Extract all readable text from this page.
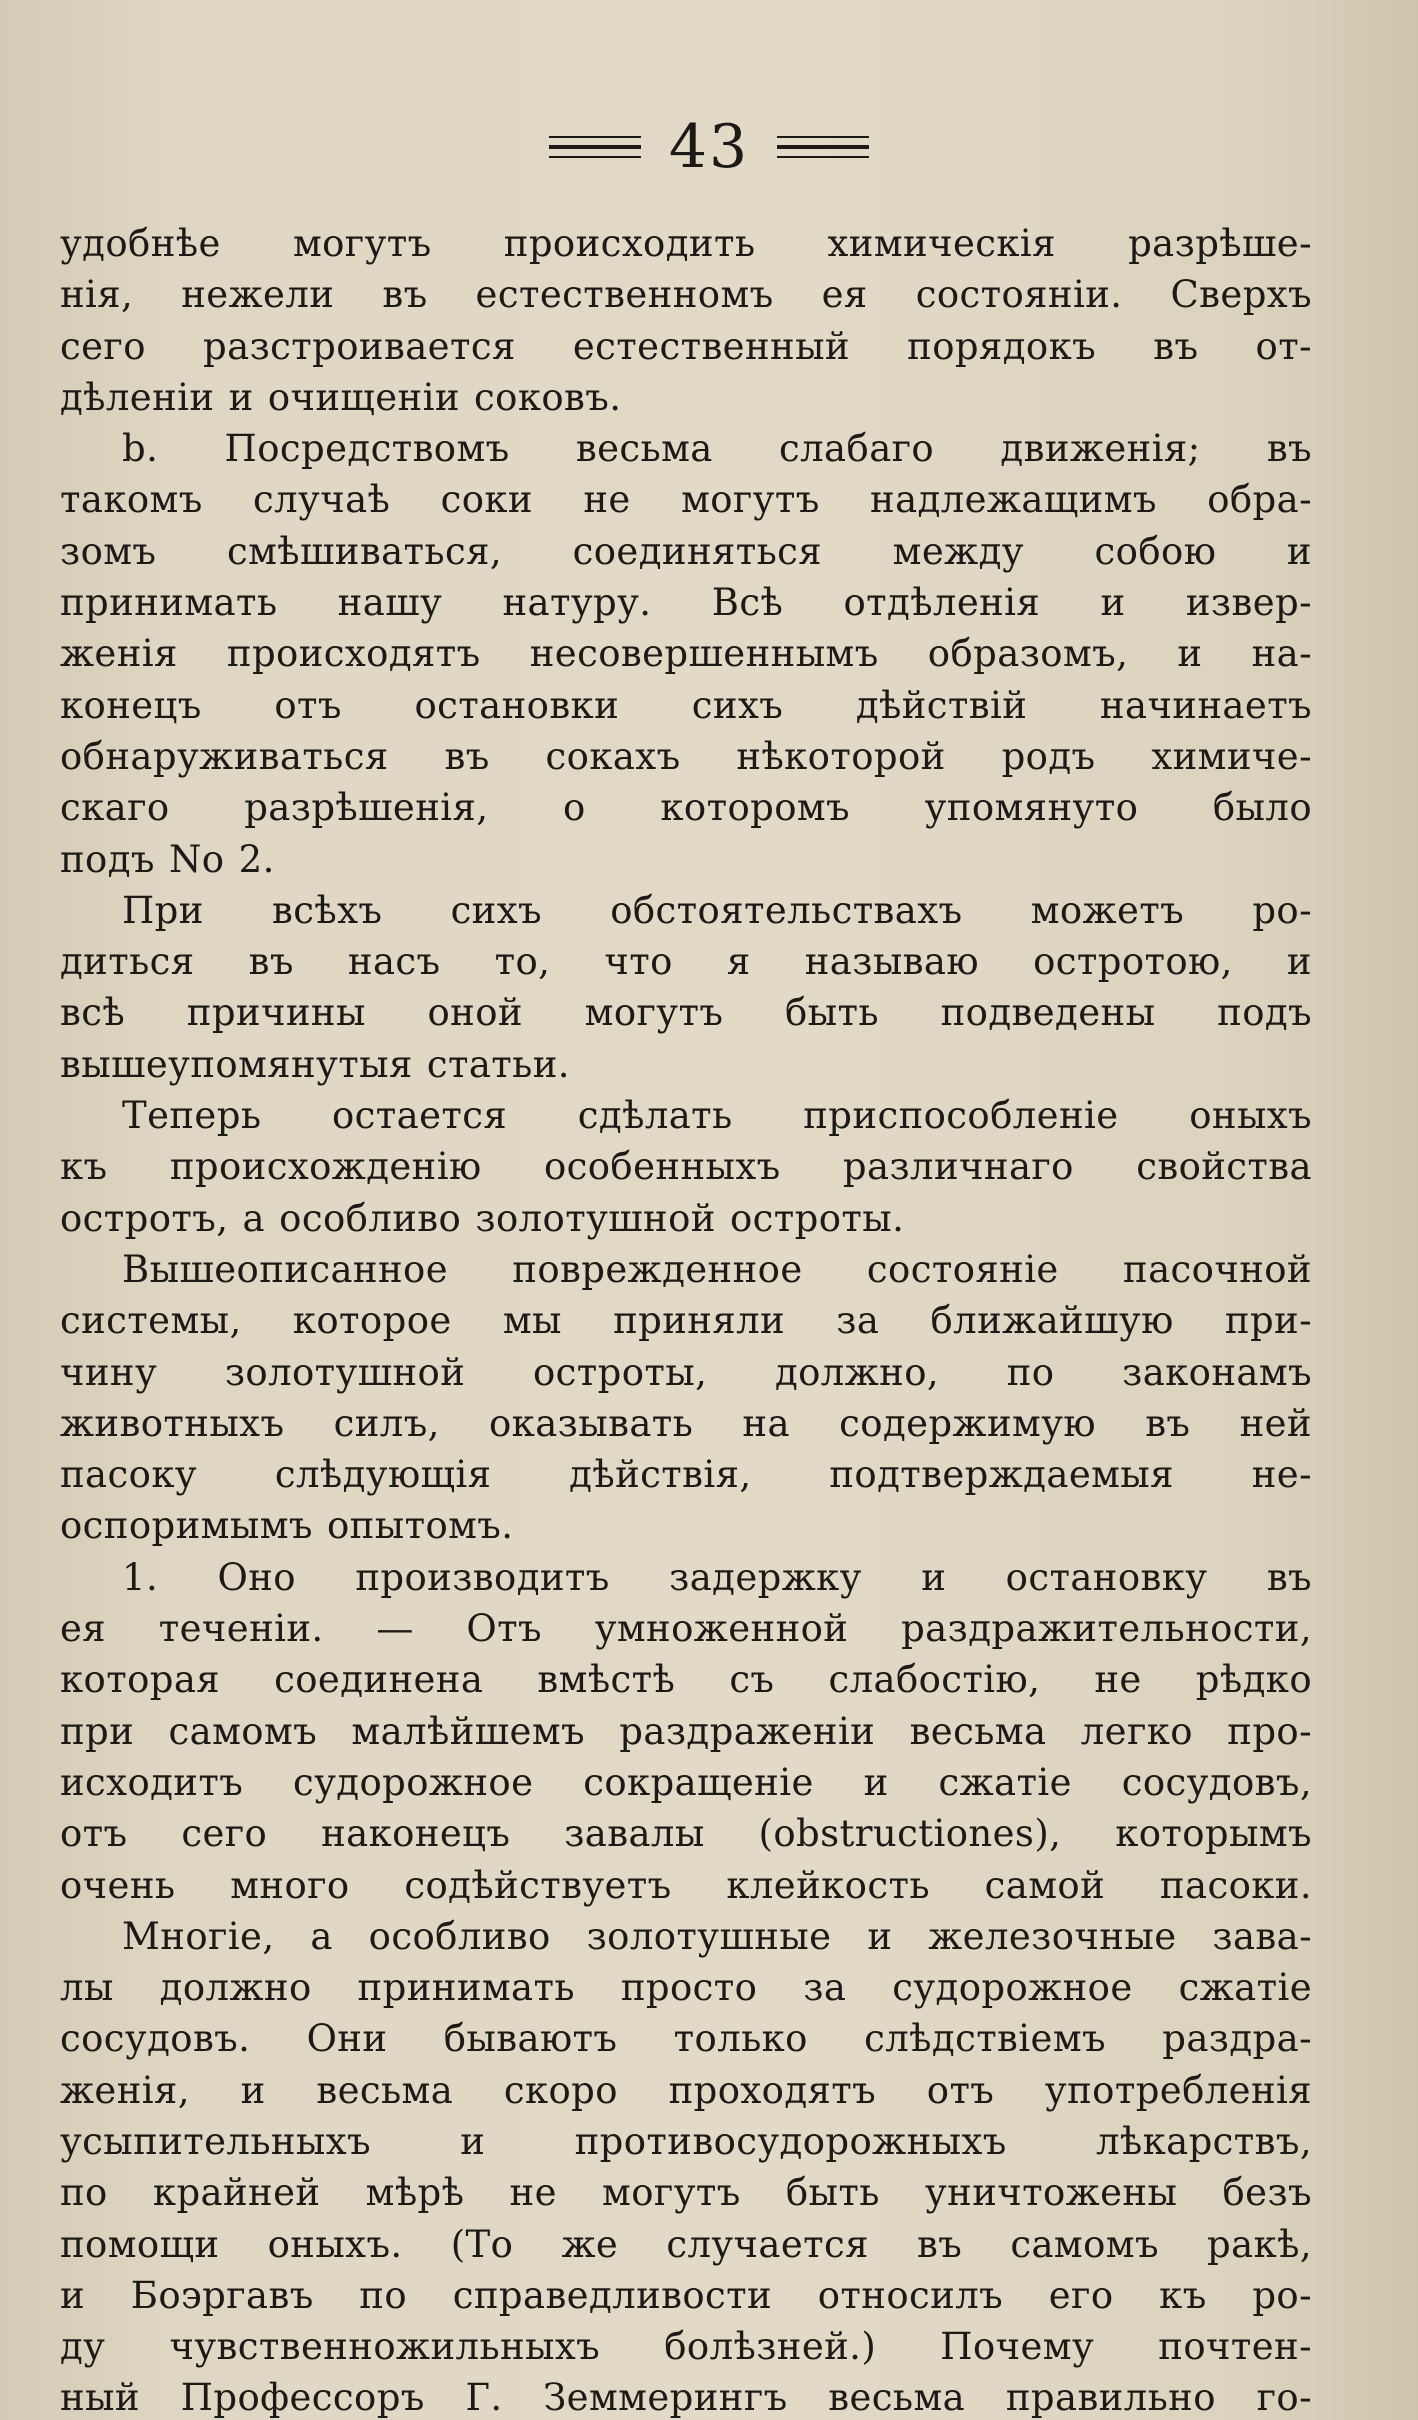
43
удобнѣе могутъ происходить химическія разрѣше-
нія, нежели въ естественномъ ея состояніи. Сверхъ
сего разстроивается естественный порядокъ въ от-
дѣленіи и очищеніи соковъ.
b. Посредствомъ весьма слабаго движенія; въ
такомъ случаѣ соки не могутъ надлежащимъ обра-
зомъ смѣшиваться, соединяться между собою и
принимать нашу натуру. Всѣ отдѣленія и извер-
женія происходятъ несовершеннымъ образомъ, и на-
конецъ отъ остановки сихъ дѣйствій начинаетъ
обнаруживаться въ сокахъ нѣкоторой родъ химиче-
скаго разрѣшенія, о которомъ упомянуто было
подъ No 2.
При всѣхъ сихъ обстоятельствахъ можетъ ро-
диться въ насъ то, что я называю остротою, и
всѣ причины оной могутъ быть подведены подъ
вышеупомянутыя статьи.
Теперь остается сдѣлать приспособленіе оныхъ
къ происхожденію особенныхъ различнаго свойства
остротъ, а особливо золотушной остроты.
Вышеописанное поврежденное состояніе пасочной
системы, которое мы приняли за ближайшую при-
чину золотушной остроты, должно, по законамъ
животныхъ силъ, оказывать на содержимую въ ней
пасоку слѣдующія дѣйствія, подтверждаемыя не-
оспоримымъ опытомъ.
1. Оно производитъ задержку и остановку въ
ея теченіи. — Отъ умноженной раздражительности,
которая соединена вмѣстѣ съ слабостію, не рѣдко
при самомъ малѣйшемъ раздраженіи весьма легко про-
исходитъ судорожное сокращеніе и сжатіе сосудовъ,
отъ сего наконецъ завалы (obstructiones), которымъ
очень много содѣйствуетъ клейкость самой пасоки.
Многіе, а особливо золотушные и железочные зава-
лы должно принимать просто за судорожное сжатіе
сосудовъ. Они бываютъ только слѣдствіемъ раздра-
женія, и весьма скоро проходятъ отъ употребленія
усыпительныхъ и противосудорожныхъ лѣкарствъ,
по крайней мѣрѣ не могутъ быть уничтожены безъ
помощи оныхъ. (То же случается въ самомъ ракѣ,
и Боэргавъ по справедливости относилъ его къ ро-
ду чувственножильныхъ болѣзней.) Почему почтен-
ный Профессоръ Г. Земмерингъ весьма правильно го-
